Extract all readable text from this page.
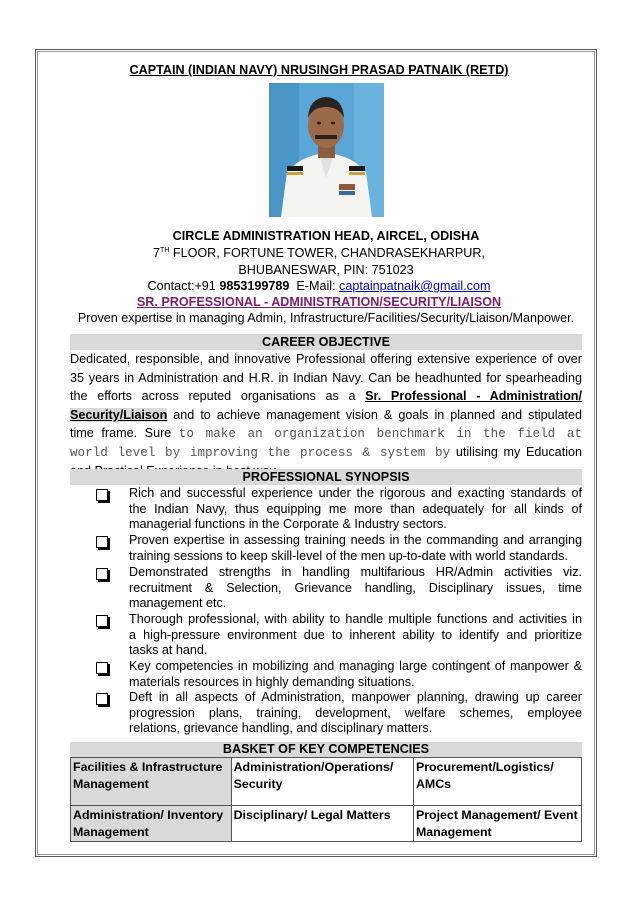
CAPTAIN (INDIAN NAVY) NRUSINGH PRASAD PATNAIK (RETD)
CIRCLE ADMINISTRATION HEAD, AIRCEL, ODISHA
7TH FLOOR, FORTUNE TOWER, CHANDRASEKHARPUR,
BHUBANESWAR, PIN: 751023
Contact:+91 9853199789  E-Mail: captainpatnaik@gmail.com
SR. PROFESSIONAL - ADMINISTRATION/SECURITY/LIAISON
Proven expertise in managing Admin, Infrastructure/Facilities/Security/Liaison/Manpower.
CAREER OBJECTIVE
Dedicated, responsible, and innovative Professional offering extensive experience of over
35 years in Administration and H.R. in Indian Navy. Can be headhunted for spearheading
the efforts across reputed organisations as a Sr. Professional - Administration/
Security/Liaison and to achieve management vision & goals in planned and stipulated
time frame. Sure to make an organization benchmark in the field at
world level by improving the process & system by utilising my Education
PROFESSIONAL SYNOPSIS
Rich and successful experience under the rigorous and exacting standards of
the Indian Navy, thus equipping me more than adequately for all kinds of
managerial functions in the Corporate & Industry sectors.
Proven expertise in assessing training needs in the commanding and arranging
training sessions to keep skill-level of the men up-to-date with world standards.
Demonstrated strengths in handling multifarious HR/Admin activities viz.
recruitment & Selection, Grievance handling, Disciplinary issues, time
management etc.
Thorough professional, with ability to handle multiple functions and activities in
a high-pressure environment due to inherent ability to identify and prioritize
tasks at hand.
Key competencies in mobilizing and managing large contingent of manpower &
materials resources in highly demanding situations.
Deft in all aspects of Administration, manpower planning, drawing up career
progression plans, training, development, welfare schemes, employee
relations, grievance handling, and disciplinary matters.
BASKET OF KEY COMPETENCIES
Facilities & Infrastructure Management	Administration/Operations/ Security	Procurement/Logistics/ AMCs
Administration/ Inventory Management	Disciplinary/ Legal Matters	Project Management/ Event Management
